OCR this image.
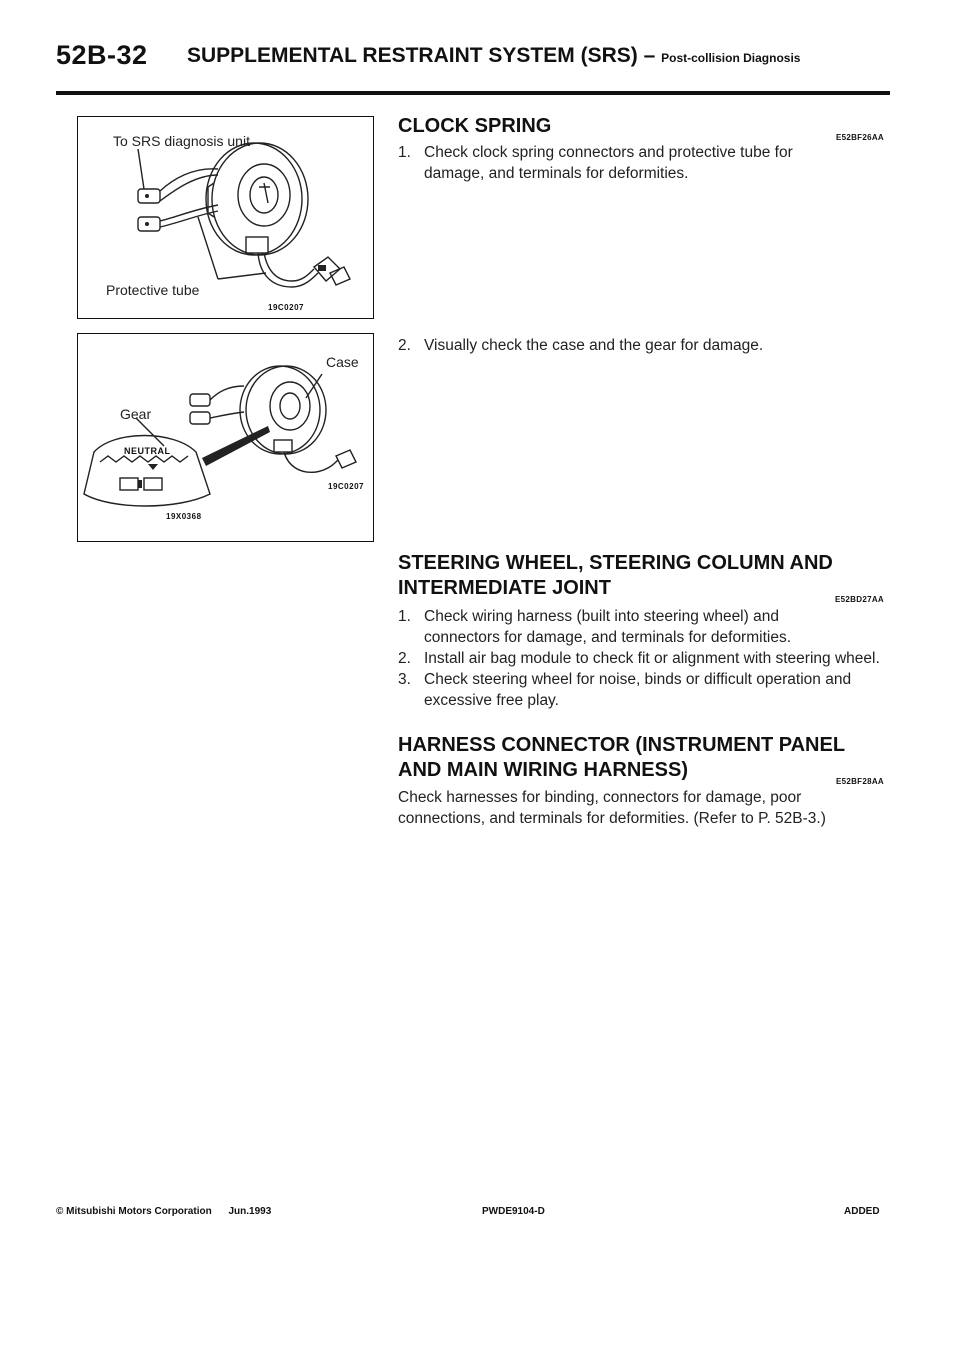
52B-32 SUPPLEMENTAL RESTRAINT SYSTEM (SRS) – Post-collision Diagnosis
To SRS diagnosis unit
Protective tube
19C0207
Case
Gear
NEUTRAL
19C0207
19X0368
CLOCK SPRING
E52BF26AA
1. Check clock spring connectors and protective tube for damage, and terminals for deformities.
2. Visually check the case and the gear for damage.
STEERING WHEEL, STEERING COLUMN AND
INTERMEDIATE JOINT
E52BD27AA
1. Check wiring harness (built into steering wheel) and connectors for damage, and terminals for deformities.
2. Install air bag module to check fit or alignment with steering wheel.
3. Check steering wheel for noise, binds or difficult operation and excessive free play.
HARNESS CONNECTOR (INSTRUMENT PANEL
AND MAIN WIRING HARNESS)
E52BF28AA

Check harnesses for binding, connectors for damage, poor connections, and terminals for deformities. (Refer to P. 52B-3.)

© Mitsubishi Motors Corporation Jun.1993	PWDE9104-D	ADDED
